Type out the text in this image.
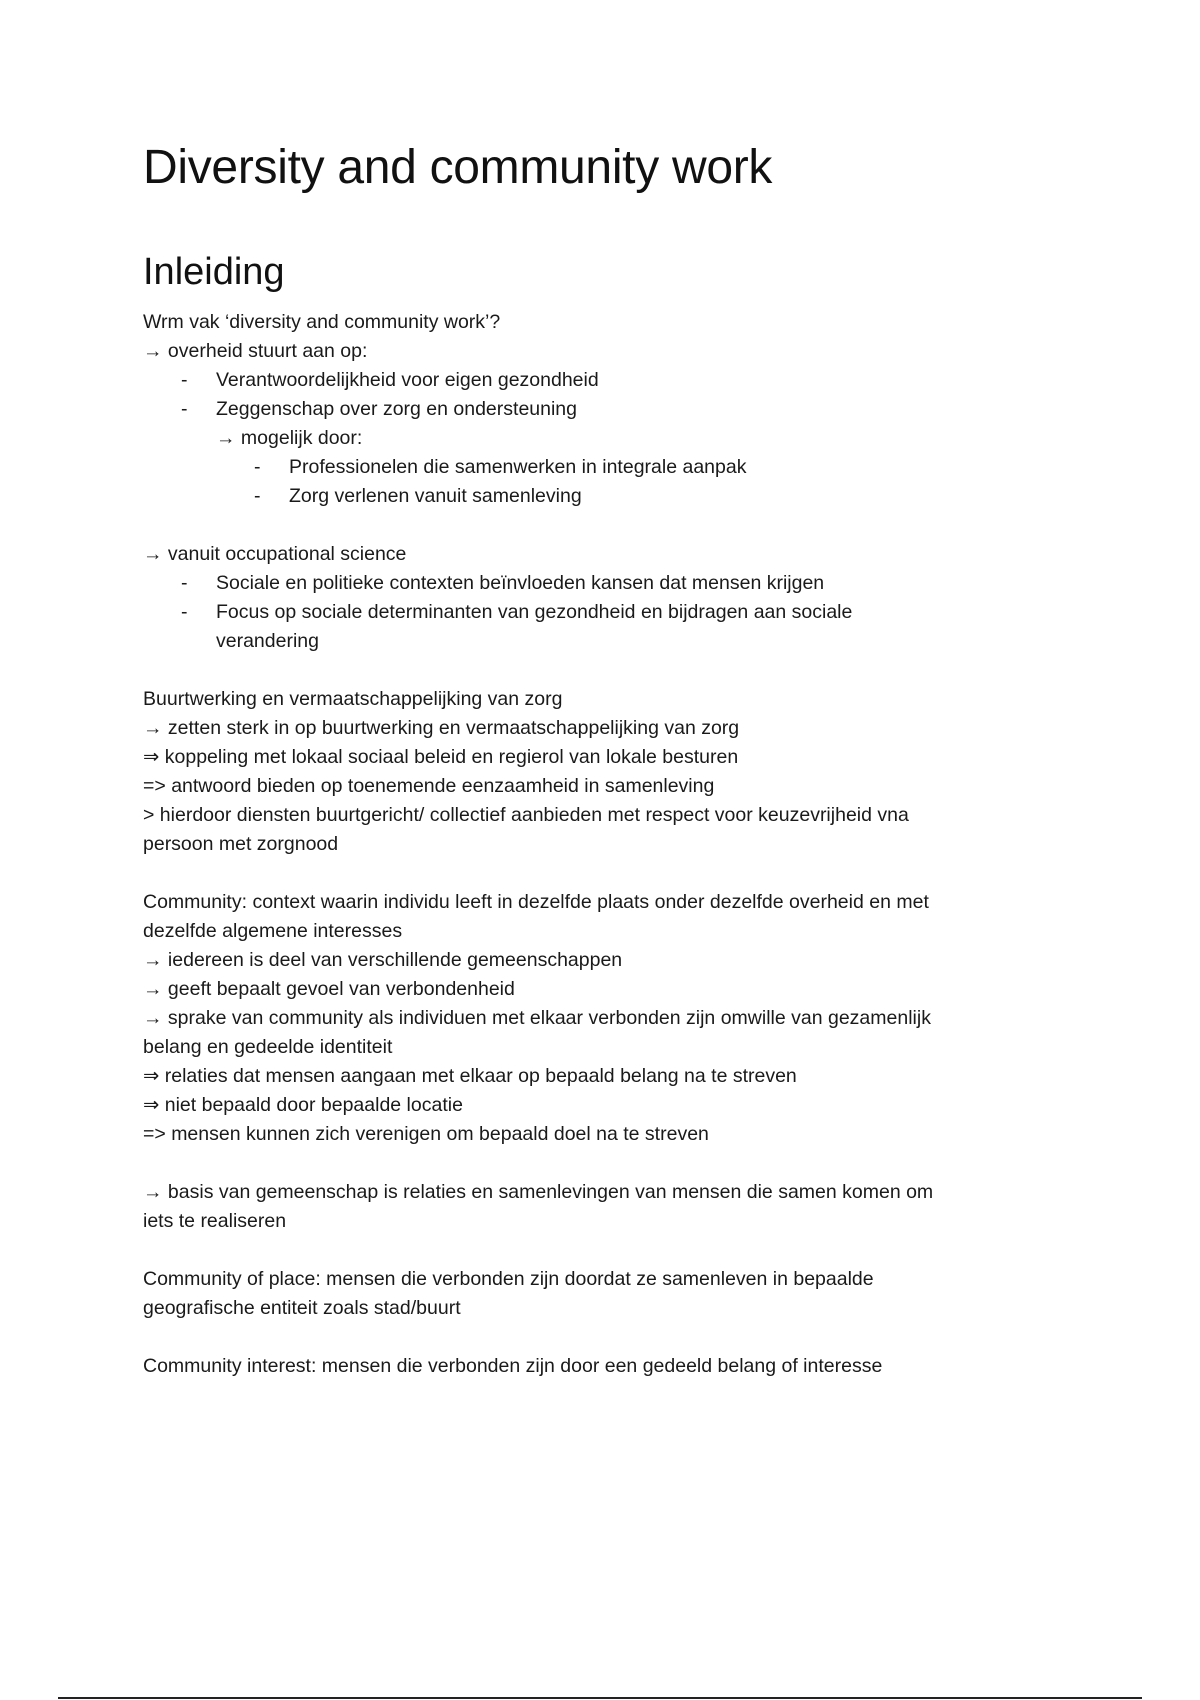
Diversity and community work
Inleiding
Wrm vak ‘diversity and community work’?
→ overheid stuurt aan op:
- Verantwoordelijkheid voor eigen gezondheid
- Zeggenschap over zorg en ondersteuning
→ mogelijk door:
- Professionelen die samenwerken in integrale aanpak
- Zorg verlenen vanuit samenleving
→ vanuit occupational science
- Sociale en politieke contexten beïnvloeden kansen dat mensen krijgen
- Focus op sociale determinanten van gezondheid en bijdragen aan sociale
verandering
Buurtwerking en vermaatschappelijking van zorg
→ zetten sterk in op buurtwerking en vermaatschappelijking van zorg
⇒ koppeling met lokaal sociaal beleid en regierol van lokale besturen
=> antwoord bieden op toenemende eenzaamheid in samenleving
> hierdoor diensten buurtgericht/ collectief aanbieden met respect voor keuzevrijheid vna
persoon met zorgnood
Community: context waarin individu leeft in dezelfde plaats onder dezelfde overheid en met
dezelfde algemene interesses
→ iedereen is deel van verschillende gemeenschappen
→ geeft bepaalt gevoel van verbondenheid
→ sprake van community als individuen met elkaar verbonden zijn omwille van gezamenlijk
belang en gedeelde identiteit
⇒ relaties dat mensen aangaan met elkaar op bepaald belang na te streven
⇒ niet bepaald door bepaalde locatie
=> mensen kunnen zich verenigen om bepaald doel na te streven
→ basis van gemeenschap is relaties en samenlevingen van mensen die samen komen om
iets te realiseren
Community of place: mensen die verbonden zijn doordat ze samenleven in bepaalde
geografische entiteit zoals stad/buurt
Community interest: mensen die verbonden zijn door een gedeeld belang of interesse
